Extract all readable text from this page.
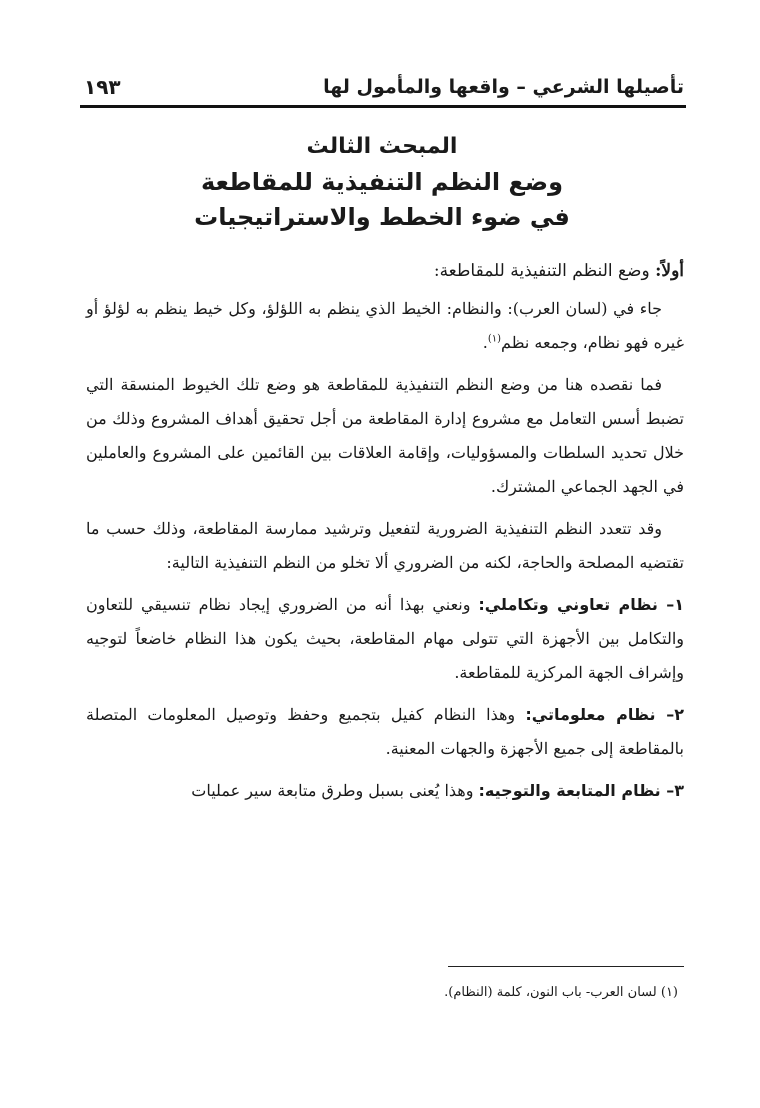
تأصيلها الشرعي – واقعها والمأمول لها
١٩٣
المبحث الثالث
وضع النظم التنفيذية للمقاطعة
في ضوء الخطط والاستراتيجيات
أولاً: وضع النظم التنفيذية للمقاطعة:

جاء في (لسان العرب): والنظام: الخيط الذي ينظم به اللؤلؤ، وكل خيط ينظم به لؤلؤ أو غيره فهو نظام، وجمعه نظم$^{(١)}$.

فما نقصده هنا من وضع النظم التنفيذية للمقاطعة هو وضع تلك الخيوط المنسقة التي تضبط أسس التعامل مع مشروع إدارة المقاطعة من أجل تحقيق أهداف المشروع وذلك من خلال تحديد السلطات والمسؤوليات، وإقامة العلاقات بين القائمين على المشروع والعاملين في الجهد الجماعي المشترك.

وقد تتعدد النظم التنفيذية الضرورية لتفعيل وترشيد ممارسة المقاطعة، وذلك حسب ما تقتضيه المصلحة والحاجة، لكنه من الضروري ألا تخلو من النظم التنفيذية التالية:

١– نظام تعاوني وتكاملي: ونعني بهذا أنه من الضروري إيجاد نظام تنسيقي للتعاون والتكامل بين الأجهزة التي تتولى مهام المقاطعة، بحيث يكون هذا النظام خاضعاً لتوجيه وإشراف الجهة المركزية للمقاطعة.

٢– نظام معلوماتي: وهذا النظام كفيل بتجميع وحفظ وتوصيل المعلومات المتصلة بالمقاطعة إلى جميع الأجهزة والجهات المعنية.

٣– نظام المتابعة والتوجيه: وهذا يُعنى بسبل وطرق متابعة سير عمليات

(١) لسان العرب- باب النون، كلمة (النظام).
